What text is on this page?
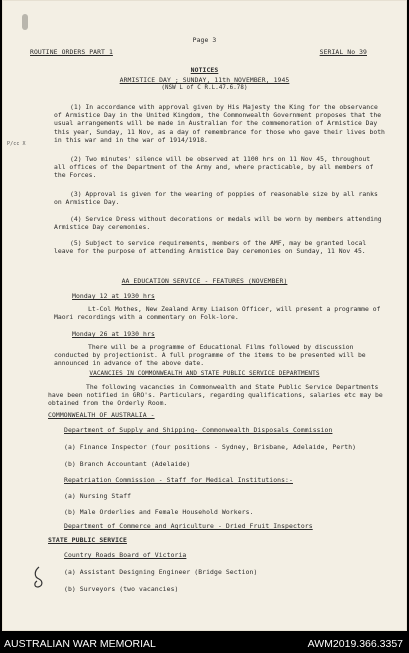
Page 3
ROUTINE ORDERS PART 1	SERIAL No 39
NOTICES
ARMISTICE DAY ; SUNDAY, 11th NOVEMBER, 1945
(NSW L of C R.L.47.6.78)
P/cc X
(1) In accordance with approval given by His Majesty the King for the observance of Armistice Day in the United Kingdom, the Commonwealth Government proposes that the usual arrangements will be made in Australian for the commemoration of Armistice Day this year, Sunday, 11 Nov, as a day of remembrance for those who gave their lives both in this war and in the war of 1914/1918.
(2) Two minutes' silence will be observed at 1100 hrs on 11 Nov 45, throughout all offices of the Department of the Army and, where practicable, by all members of the Forces.
(3) Approval is given for the wearing of poppies of reasonable size by all ranks on Armistice Day.
(4) Service Dress without decorations or medals will be worn by members attending Armistice Day ceremonies.
(5) Subject to service requirements, members of the AMF, may be granted local leave for the purpose of attending Armistice Day ceremonies on Sunday, 11 Nov 45.
AA EDUCATION SERVICE - FEATURES (NOVEMBER)
Monday 12 at 1930 hrs
Lt-Col Mothes, New Zealand Army Liaison Officer, will present a programme of Maori recordings with a commentary on Folk-lore.
Monday 26 at 1930 hrs
There will be a programme of Educational Films followed by discussion conducted by projectionist. A full programme of the items to be presented will be announced in advance of the above date.
VACANCIES IN COMMONWEALTH AND STATE PUBLIC SERVICE DEPARTMENTS
The following vacancies in Commonwealth and State Public Service Departments have been notified in GRO's. Particulars, regarding qualifications, salaries etc may be obtained from the Orderly Room.
COMMONWEALTH OF AUSTRALIA -
Department of Supply and Shipping- Commonwealth Disposals Commission
(a) Finance Inspector (four positions - Sydney, Brisbane, Adelaide, Perth)
(b) Branch Accountant (Adelaide)
Repatriation Commission - Staff for Medical Institutions:-
(a) Nursing Staff
(b) Male Orderlies and Female Household Workers.
Department of Commerce and Agriculture - Dried Fruit Inspectors
STATE PUBLIC SERVICE
Country Roads Board of Victoria
(a) Assistant Designing Engineer (Bridge Section)
(b) Surveyors (two vacancies)
AUSTRALIAN WAR MEMORIAL	AWM2019.366.3357
